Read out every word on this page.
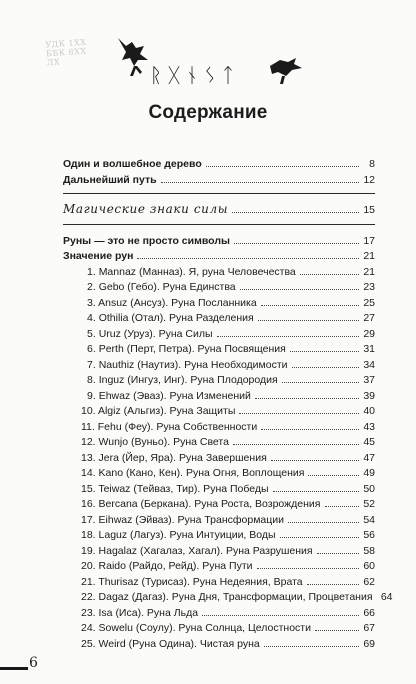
УДК 1ХХ
ББК 8ХХ
ЛХ
ᚱᚷᚾᛊᛏ
Содержание
Один и волшебное дерево	8
Дальнейший путь	12
Магические знаки силы	15
Руны — это не просто символы	17
Значение рун	21
1. Mannaz (Манназ). Я, руна Человечества	21
2. Gebo (Гебо). Руна Единства	23
3. Ansuz (Ансуз). Руна Посланника	25
4. Othilia (Отал). Руна Разделения	27
5. Uruz (Уруз). Руна Силы	29
6. Perth (Перт, Петра). Руна Посвящения	31
7. Nauthiz (Наутиз). Руна Необходимости	34
8. Inguz (Ингуз, Инг). Руна Плодородия	37
9. Ehwaz (Эваз). Руна Изменений	39
10. Algiz (Альгиз). Руна Защиты	40
11. Fehu (Феу). Руна Собственности	43
12. Wunjo (Вуньо). Руна Света	45
13. Jera (Йер, Яра). Руна Завершения	47
14. Kano (Кано, Кен). Руна Огня, Воплощения	49
15. Teiwaz (Тейваз, Тир). Руна Победы	50
16. Bercana (Беркана). Руна Роста, Возрождения	52
17. Eihwaz (Эйваз). Руна Трансформации	54
18. Laguz (Лагуз). Руна Интуиции, Воды	56
19. Hagalaz (Хагалаз, Хагал). Руна Разрушения	58
20. Raido (Райдо, Рейд). Руна Пути	60
21. Thurisaz (Турисаз). Руна Недеяния, Врата	62
22. Dagaz (Дагаз). Руна Дня, Трансформации, Процветания 64
23. Isa (Иса). Руна Льда	66
24. Sowelu (Соулу). Руна Солнца, Целостности	67
25. Weird (Руна Одина). Чистая руна	69
6
